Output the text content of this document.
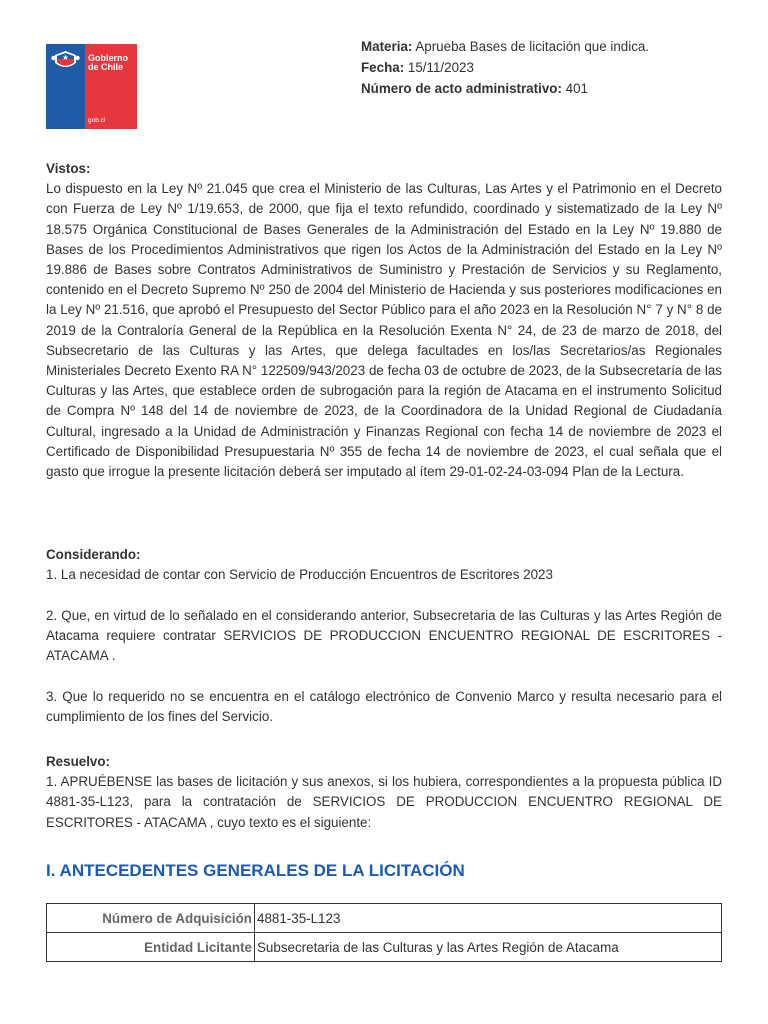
Gobierno
de Chile
gob.cl
Materia: Aprueba Bases de licitación que indica.
Fecha: 15/11/2023
Número de acto administrativo: 401
Vistos:
Lo dispuesto en la Ley Nº 21.045 que crea el Ministerio de las Culturas, Las Artes y el Patrimonio en el Decreto con Fuerza de Ley Nº 1/19.653, de 2000, que fija el texto refundido, coordinado y sistematizado de la Ley Nº 18.575 Orgánica Constitucional de Bases Generales de la Administración del Estado en la Ley Nº 19.880 de Bases de los Procedimientos Administrativos que rigen los Actos de la Administración del Estado en la Ley Nº 19.886 de Bases sobre Contratos Administrativos de Suministro y Prestación de Servicios y su Reglamento, contenido en el Decreto Supremo Nº 250 de 2004 del Ministerio de Hacienda y sus posteriores modificaciones en la Ley Nº 21.516, que aprobó el Presupuesto del Sector Público para el año 2023 en la Resolución N° 7 y N° 8 de 2019 de la Contraloría General de la República en la Resolución Exenta N° 24, de 23 de marzo de 2018, del Subsecretario de las Culturas y las Artes, que delega facultades en los/las Secretarios/as Regionales Ministeriales Decreto Exento RA N° 122509/943/2023 de fecha 03 de octubre de 2023, de la Subsecretaría de las Culturas y las Artes, que establece orden de subrogación para la región de Atacama en el instrumento Solicitud de Compra Nº 148 del 14 de noviembre de 2023, de la Coordinadora de la Unidad Regional de Ciudadanía Cultural, ingresado a la Unidad de Administración y Finanzas Regional con fecha 14 de noviembre de 2023 el Certificado de Disponibilidad Presupuestaria Nº 355 de fecha 14 de noviembre de 2023, el cual señala que el gasto que irrogue la presente licitación deberá ser imputado al ítem 29-01-02-24-03-094 Plan de la Lectura.
Considerando:
1. La necesidad de contar con Servicio de Producción Encuentros de Escritores 2023
2. Que, en virtud de lo señalado en el considerando anterior, Subsecretaria de las Culturas y las Artes Región de Atacama requiere contratar SERVICIOS DE PRODUCCION ENCUENTRO REGIONAL DE ESCRITORES - ATACAMA .
3. Que lo requerido no se encuentra en el catálogo electrónico de Convenio Marco y resulta necesario para el cumplimiento de los fines del Servicio.
Resuelvo:
1. APRUÉBENSE las bases de licitación y sus anexos, si los hubiera, correspondientes a la propuesta pública ID 4881-35-L123, para la contratación de SERVICIOS DE PRODUCCION ENCUENTRO REGIONAL DE ESCRITORES - ATACAMA , cuyo texto es el siguiente:
I. ANTECEDENTES GENERALES DE LA LICITACIÓN
Número de Adquisición	4881-35-L123
Entidad Licitante	Subsecretaria de las Culturas y las Artes Región de Atacama
